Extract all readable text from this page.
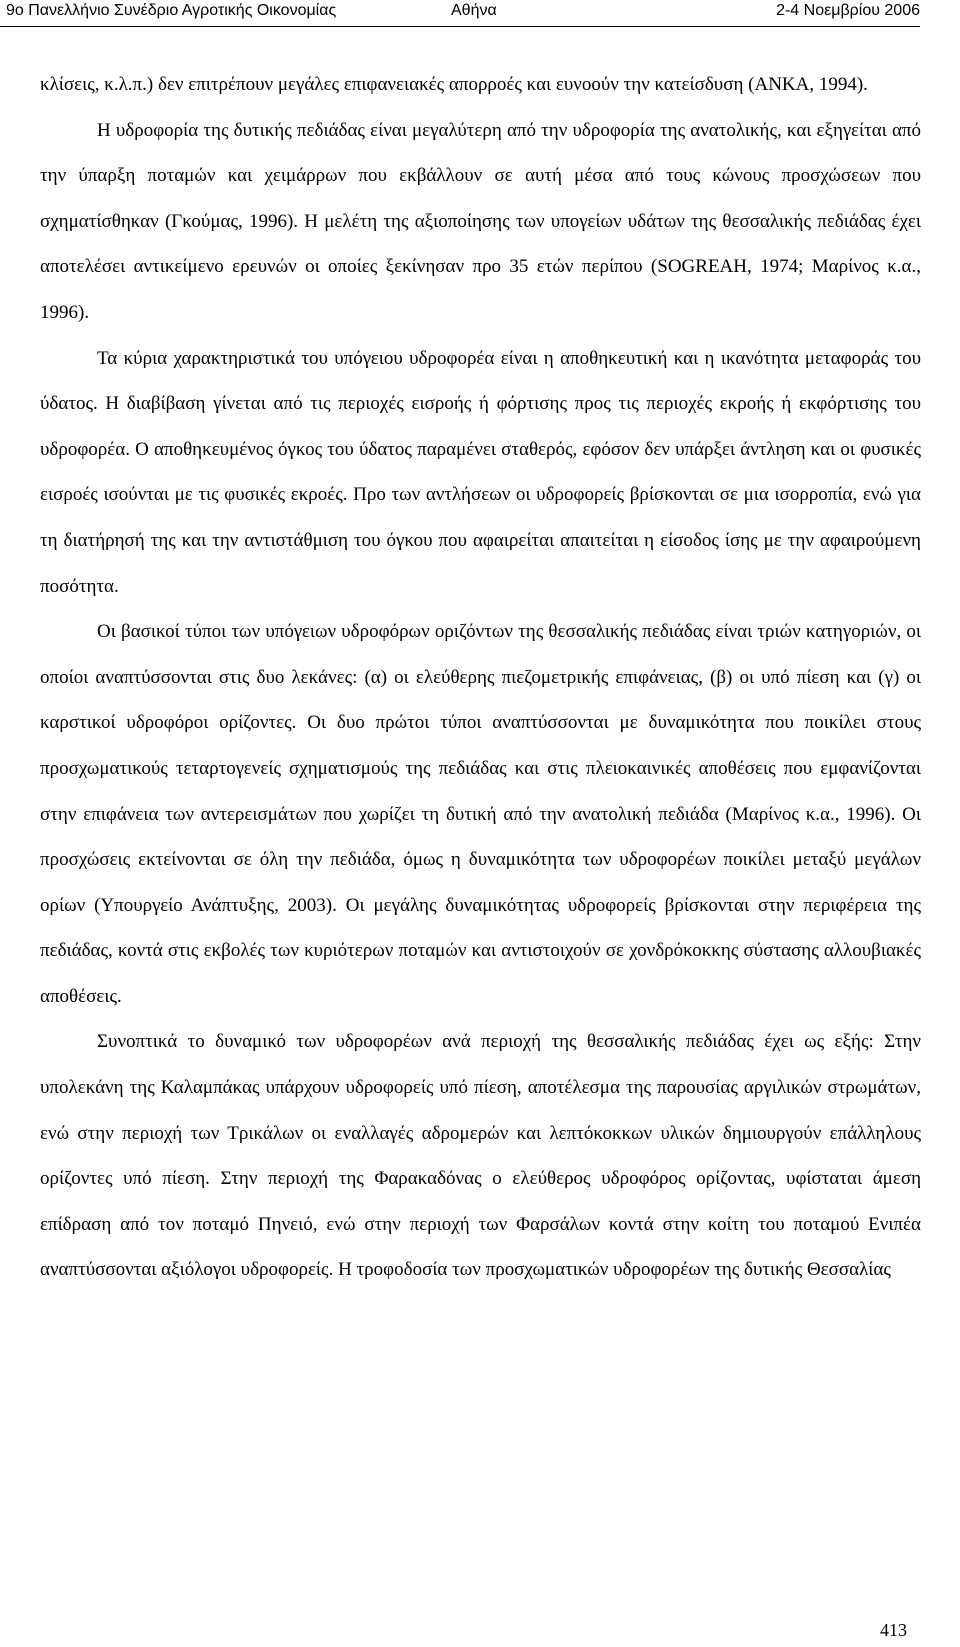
9ο Πανελλήνιο Συνέδριο Αγροτικής Οικονομίας	Αθήνα	2-4 Νοεμβρίου 2006

κλίσεις, κ.λ.π.) δεν επιτρέπουν μεγάλες επιφανειακές απορροές και ευνοούν την κατείσδυση (ΑΝΚΑ, 1994).

Η υδροφορία της δυτικής πεδιάδας είναι μεγαλύτερη από την υδροφορία της ανατολικής, και εξηγείται από την ύπαρξη ποταμών και χειμάρρων που εκβάλλουν σε αυτή μέσα από τους κώνους προσχώσεων που σχηματίσθηκαν (Γκούμας, 1996). Η μελέτη της αξιοποίησης των υπογείων υδάτων της θεσσαλικής πεδιάδας έχει αποτελέσει αντικείμενο ερευνών οι οποίες ξεκίνησαν προ 35 ετών περίπου (SOGREAH, 1974; Μαρίνος κ.α., 1996).

Τα κύρια χαρακτηριστικά του υπόγειου υδροφορέα είναι η αποθηκευτική και η ικανότητα μεταφοράς του ύδατος. Η διαβίβαση γίνεται από τις περιοχές εισροής ή φόρτισης προς τις περιοχές εκροής ή εκφόρτισης του υδροφορέα. Ο αποθηκευμένος όγκος του ύδατος παραμένει σταθερός, εφόσον δεν υπάρξει άντληση και οι φυσικές εισροές ισούνται με τις φυσικές εκροές. Προ των αντλήσεων οι υδροφορείς βρίσκονται σε μια ισορροπία, ενώ για τη διατήρησή της και την αντιστάθμιση του όγκου που αφαιρείται απαιτείται η είσοδος ίσης με την αφαιρούμενη ποσότητα.

Οι βασικοί τύποι των υπόγειων υδροφόρων οριζόντων της θεσσαλικής πεδιάδας είναι τριών κατηγοριών, οι οποίοι αναπτύσσονται στις δυο λεκάνες: (α) οι ελεύθερης πιεζομετρικής επιφάνειας, (β) οι υπό πίεση και (γ) οι καρστικοί υδροφόροι ορίζοντες. Οι δυο πρώτοι τύποι αναπτύσσονται με δυναμικότητα που ποικίλει στους προσχωματικούς τεταρτογενείς σχηματισμούς της πεδιάδας και στις πλειοκαινικές αποθέσεις που εμφανίζονται στην επιφάνεια των αντερεισμάτων που χωρίζει τη δυτική από την ανατολική πεδιάδα (Μαρίνος κ.α., 1996). Οι προσχώσεις εκτείνονται σε όλη την πεδιάδα, όμως η δυναμικότητα των υδροφορέων ποικίλει μεταξύ μεγάλων ορίων (Υπουργείο Ανάπτυξης, 2003). Οι μεγάλης δυναμικότητας υδροφορείς βρίσκονται στην περιφέρεια της πεδιάδας, κοντά στις εκβολές των κυριότερων ποταμών και αντιστοιχούν σε χονδρόκοκκης σύστασης αλλουβιακές αποθέσεις.

Συνοπτικά το δυναμικό των υδροφορέων ανά περιοχή της θεσσαλικής πεδιάδας έχει ως εξής: Στην υπολεκάνη της Καλαμπάκας υπάρχουν υδροφορείς υπό πίεση, αποτέλεσμα της παρουσίας αργιλικών στρωμάτων, ενώ στην περιοχή των Τρικάλων οι εναλλαγές αδρομερών και λεπτόκοκκων υλικών δημιουργούν επάλληλους ορίζοντες υπό πίεση. Στην περιοχή της Φαρακαδόνας ο ελεύθερος υδροφόρος ορίζοντας, υφίσταται άμεση επίδραση από τον ποταμό Πηνειό, ενώ στην περιοχή των Φαρσάλων κοντά στην κοίτη του ποταμού Ενιπέα αναπτύσσονται αξιόλογοι υδροφορείς. Η τροφοδοσία των προσχωματικών υδροφορέων της δυτικής Θεσσαλίας

413
